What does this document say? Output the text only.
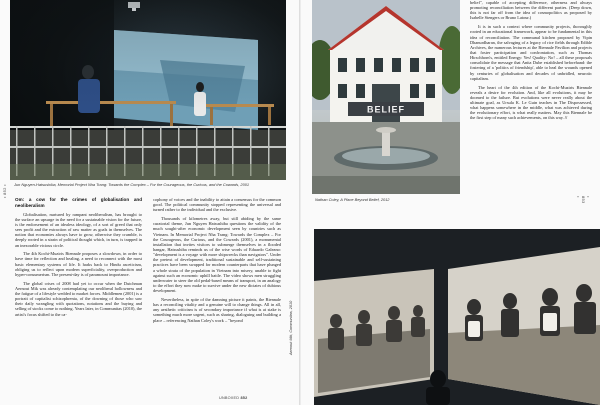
Jun Nguyen-Hatsushiba, Memorial Project Nha Trang: Towards the Complex – For the Courageous, the Curious, and the Cowards, 2001
• 852 •	• 853 •

Om: a cow for the crimes of globalisation and neoliberalism

Globalisation, nurtured by rampant neoliberalism, has brought to the surface an upsurge in the need for a sustainable vision for the future, is the endorsement of an idealess ideology, of a sort of greed that only sees profit and the extraction of raw matter as goals in themselves. The notion that economies always have to grow, otherwise they crumble, is deeply rooted in a strain of political thought which, in turn, is trapped in an inexorable vicious circle.

The 4th Kochi-Muziris Biennale proposes a slowdown, in order to have time for reflection and healing, a need to reconnect with the most basic elementary systems of life. It harks back to Hindu asceticism, obliging us to reflect upon modern superficiality, overproduction and hyper-consumerism. The present-day is of paramount importance.

The global crises of 2008 had yet to occur when the Dutchman Aernout Mik was already contemplating our neoliberal hollowness and the fatigue of a lifestyle wedded to market forces. Middlemen (2001) is a portrait of capitalist schizophrenia, of the downing of those who saw their daily wrangling with quotations, notations and the buying and selling of stocks come to nothing. Years later, in Communitas (2010), the artist's focus shifted to the ca-

cophony of voices and the inability to attain a consensus for the common good. The political community stopped representing the universal and turned rather to the individual and the exclusive.

Thousands of kilometres away, but still abiding by the same curatorial theme, Jun Nguyen Hatsushiba questions the validity of the much sought-after economic development seen by countries such as Vietnam. In Memorial Project Nha Trang: Towards the Complex – For the Courageous, the Curious, and the Cowards (2001), a monumental installation that invites visitors to submerge themselves in a flooded hangar, Hatsushiba reminds us of the wise words of Eduardo Galeano: "development is a voyage with more shipwrecks than navigators". Under the pretext of development, traditional sustainable and self-sustaining practices have been swapped for modern counterparts that have plunged a whole strata of the population in Vietnam into misery, unable to fight against such an economic uphill battle. The video shows men struggling underwater to steer the old pedal-based means of transport, in an analogy to the effort they now make to survive under the new dictates of dubious development.

Nevertheless, in spite of the damning picture it paints, the Biennale has a reconciling vitality and a genuine will to change things. All in all, any aesthetic criticism is of secondary importance if what is at stake is something much more urgent, such as sharing, dialoguing and building a place – referencing Nathan Coley's work – "beyond

UNBOXED 852
Aernout Mik, Communitas, 2010
BELIEF
Nathan Coley, A Place Beyond Belief, 2012

belief", capable of accepting difference, otherness and always promoting reconciliation between the different parties. (Deep down, this is not far off from the idea of cosmopolitics as proposed by Isabelle Stengers or Bruno Latour.)

It is in such a context where community projects, thoroughly rooted in an educational framework, appear to be fundamental in this idea of reconciliation. The communal kitchen proposed by Vipin Dhanurdharan, the salvaging of a legacy of rice fields through Edible Archives, the numerous lectures at the Biennale Pavilion and projects that foster participation and confrontation, such as Thomas Hirschhorn's, entitled Energy: Yes! Quality: No! – all these proposals consolidate the message that Anita Dube established beforehand: the fostering of a 'politics of friendship', able to heal the wounds opened by centuries of globalisation and decades of unbridled, neurotic capitalism.

The heart of the 4th edition of the Kochi-Muziris Biennale reveals a desire for evolution. And, like all evolutions, it may be doomed to the failure. But evolutions were never really about the ultimate goal, as Ursula K. Le Guin teaches in The Dispossessed, what happens somewhere in the middle, what was achieved during the evolutionary effort, is what really matters. May this Biennale be the first step of many such achievements, on this way. //
